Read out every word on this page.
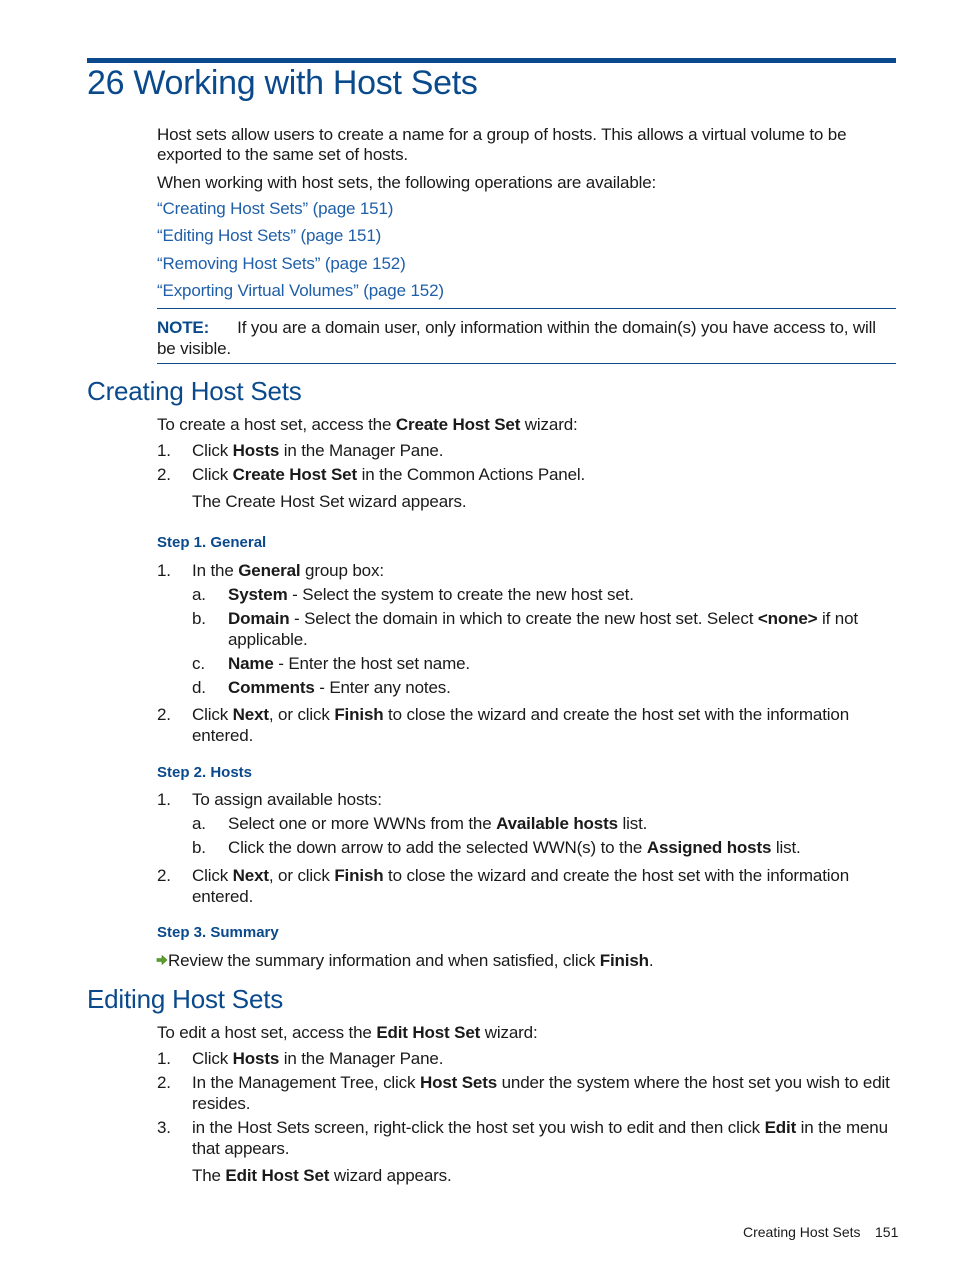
26 Working with Host Sets
Host sets allow users to create a name for a group of hosts. This allows a virtual volume to be
exported to the same set of hosts.
When working with host sets, the following operations are available:
“Creating Host Sets” (page 151)
“Editing Host Sets” (page 151)
“Removing Host Sets” (page 152)
“Exporting Virtual Volumes” (page 152)
NOTE: If you are a domain user, only information within the domain(s) you have access to, will
be visible.
Creating Host Sets
To create a host set, access the Create Host Set wizard:
1. Click Hosts in the Manager Pane.
2. Click Create Host Set in the Common Actions Panel.
The Create Host Set wizard appears.
Step 1. General
1. In the General group box:
a. System - Select the system to create the new host set.
b. Domain - Select the domain in which to create the new host set. Select <none> if not
applicable.
c. Name - Enter the host set name.
d. Comments - Enter any notes.
2. Click Next, or click Finish to close the wizard and create the host set with the information
entered.
Step 2. Hosts
1. To assign available hosts:
a. Select one or more WWNs from the Available hosts list.
b. Click the down arrow to add the selected WWN(s) to the Assigned hosts list.
2. Click Next, or click Finish to close the wizard and create the host set with the information
entered.
Step 3. Summary
Review the summary information and when satisfied, click Finish.
Editing Host Sets
To edit a host set, access the Edit Host Set wizard:
1. Click Hosts in the Manager Pane.
2. In the Management Tree, click Host Sets under the system where the host set you wish to edit
resides.
3. in the Host Sets screen, right-click the host set you wish to edit and then click Edit in the menu
that appears.
The Edit Host Set wizard appears.
Creating Host Sets 151
